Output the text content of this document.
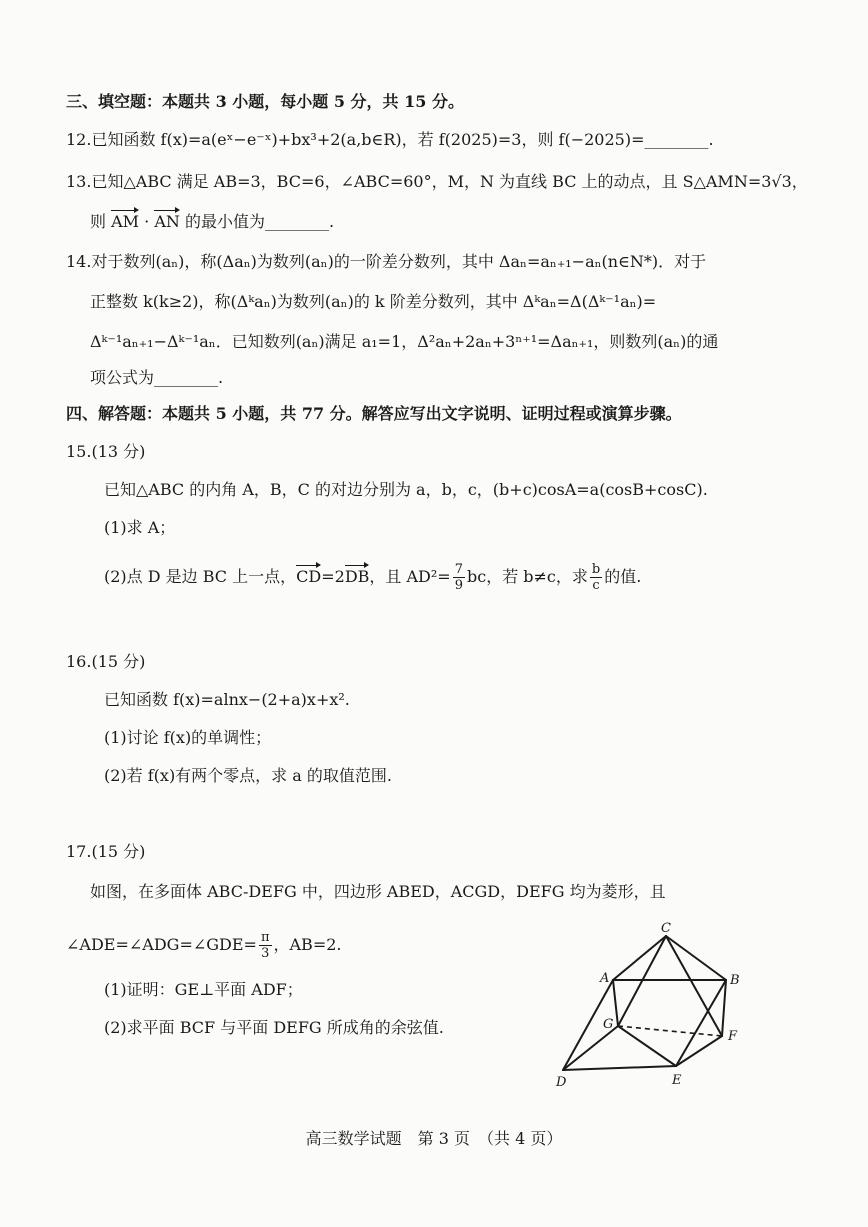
三、填空题：本题共 3 小题，每小题 5 分，共 15 分。
12.已知函数 f(x)=a(eˣ−e⁻ˣ)+bx³+2(a,b∈R)，若 f(2025)=3，则 f(−2025)=________.
13.已知△ABC 满足 AB=3，BC=6，∠ABC=60°，M，N 为直线 BC 上的动点，且 S△AMN=3√3，
则 AM · AN 的最小值为________.
14.对于数列(aₙ)，称(Δaₙ)为数列(aₙ)的一阶差分数列，其中 Δaₙ=aₙ₊₁−aₙ(n∈N*)．对于
正整数 k(k≥2)，称(Δᵏaₙ)为数列(aₙ)的 k 阶差分数列，其中 Δᵏaₙ=Δ(Δᵏ⁻¹aₙ)=
Δᵏ⁻¹aₙ₊₁−Δᵏ⁻¹aₙ．已知数列(aₙ)满足 a₁=1，Δ²aₙ+2aₙ+3ⁿ⁺¹=Δaₙ₊₁，则数列(aₙ)的通
项公式为________.
四、解答题：本题共 5 小题，共 77 分。解答应写出文字说明、证明过程或演算步骤。
15.(13 分)
已知△ABC 的内角 A，B，C 的对边分别为 a，b，c，(b+c)cosA=a(cosB+cosC).
(1)求 A；
(2)点 D 是边 BC 上一点，CD=2DB，且 $AD^2= \frac{7}{9}$ bc，若 b≠c，求 $\frac{b}{c}$ 的值.
16.(15 分)
已知函数 f(x)=alnx−(2+a)x+x².
(1)讨论 f(x)的单调性；
(2)若 f(x)有两个零点，求 a 的取值范围.
17.(15 分)
如图，在多面体 ABC-DEFG 中，四边形 ABED，ACGD，DEFG 均为菱形，且
∠ADE=∠ADG=∠GDE= $\frac{\pi}{3}$ ，AB=2.
(1)证明：GE⊥平面 ADF；
(2)求平面 BCF 与平面 DEFG 所成角的余弦值.
C
A	B
G
F
D	E
高三数学试题　第 3 页　（共 4 页）
